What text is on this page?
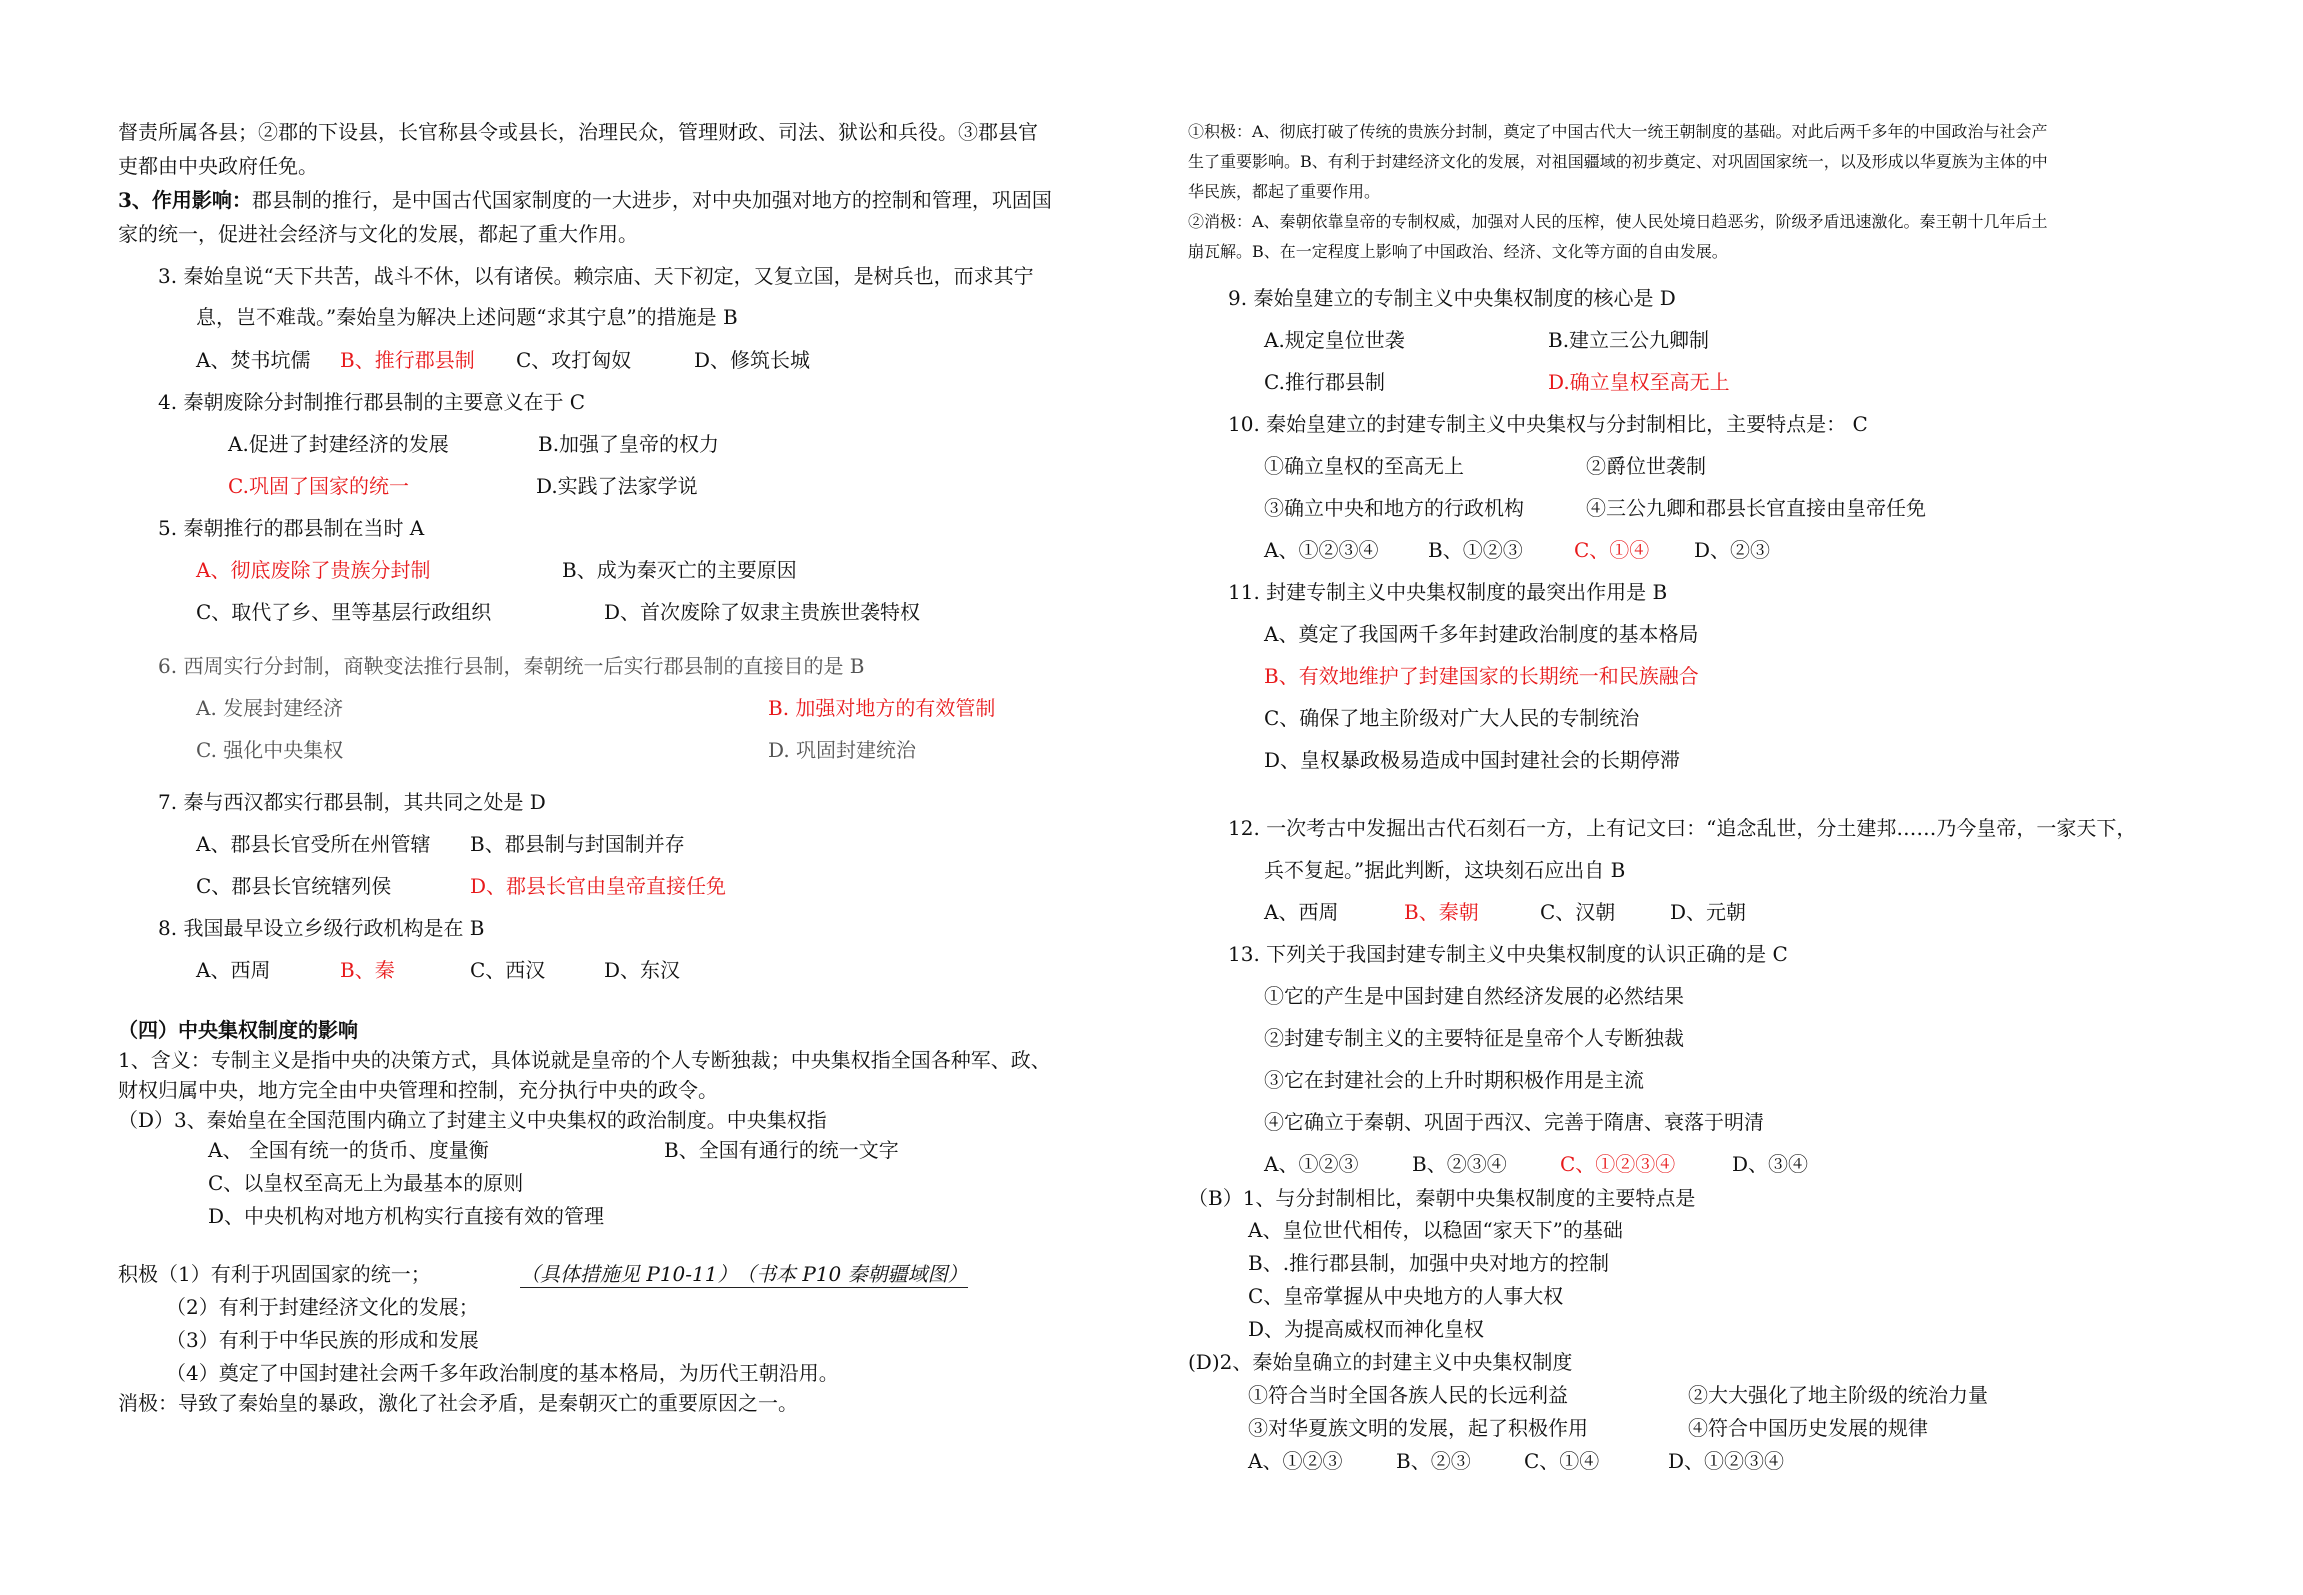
督责所属各县；②郡的下设县，长官称县令或县长，治理民众，管理财政、司法、狱讼和兵役。③郡县官
吏都由中央政府任免。
3、作用影响：郡县制的推行，是中国古代国家制度的一大进步，对中央加强对地方的控制和管理，巩固国
家的统一，促进社会经济与文化的发展，都起了重大作用。
3. 秦始皇说“天下共苦，战斗不休，以有诸侯。赖宗庙、天下初定，又复立国，是树兵也，而求其宁
息，岂不难哉。”秦始皇为解决上述问题“求其宁息”的措施是 B
A、焚书坑儒 B、推行郡县制 C、攻打匈奴	D、修筑长城
4. 秦朝废除分封制推行郡县制的主要意义在于 C
A.促进了封建经济的发展	B.加强了皇帝的权力
C.巩固了国家的统一	D.实践了法家学说
5. 秦朝推行的郡县制在当时 A
A、彻底废除了贵族分封制	B、成为秦灭亡的主要原因
C、取代了乡、里等基层行政组织	D、首次废除了奴隶主贵族世袭特权
6. 西周实行分封制，商鞅变法推行县制，秦朝统一后实行郡县制的直接目的是 B
A. 发展封建经济	B. 加强对地方的有效管制
C. 强化中央集权	D. 巩固封建统治
7. 秦与西汉都实行郡县制，其共同之处是 D
A、郡县长官受所在州管辖 B、郡县制与封国制并存
C、郡县长官统辖列侯	D、郡县长官由皇帝直接任免
8. 我国最早设立乡级行政机构是在 B
A、西周	B、秦	C、西汉	D、东汉
（四）中央集权制度的影响
1、含义：专制主义是指中央的决策方式，具体说就是皇帝的个人专断独裁；中央集权指全国各种军、政、
财权归属中央，地方完全由中央管理和控制，充分执行中央的政令。
（D）3、秦始皇在全国范围内确立了封建主义中央集权的政治制度。中央集权指
A、 全国有统一的货币、度量衡	B、全国有通行的统一文字
C、以皇权至高无上为最基本的原则
D、中央机构对地方机构实行直接有效的管理
积极（1）有利于巩固国家的统一；	（具体措施见 P10-11）
（书本 P10 秦朝疆域图）
（2）有利于封建经济文化的发展；
（3）有利于中华民族的形成和发展
（4）奠定了中国封建社会两千多年政治制度的基本格局，为历代王朝沿用。
消极：导致了秦始皇的暴政，激化了社会矛盾，是秦朝灭亡的重要原因之一。
①积极：A、彻底打破了传统的贵族分封制，奠定了中国古代大一统王朝制度的基础。对此后两千多年的中国政治与社会产
生了重要影响。B、有利于封建经济文化的发展，对祖国疆域的初步奠定、对巩固国家统一，以及形成以华夏族为主体的中
华民族，都起了重要作用。
②消极：A、秦朝依靠皇帝的专制权威，加强对人民的压榨，使人民处境日趋恶劣，阶级矛盾迅速激化。秦王朝十几年后土
崩瓦解。B、在一定程度上影响了中国政治、经济、文化等方面的自由发展。
9. 秦始皇建立的专制主义中央集权制度的核心是 D
A.规定皇位世袭	B.建立三公九卿制
C.推行郡县制	D.确立皇权至高无上
10. 秦始皇建立的封建专制主义中央集权与分封制相比，主要特点是： C
①确立皇权的至高无上	②爵位世袭制
③确立中央和地方的行政机构	④三公九卿和郡县长官直接由皇帝任免
A、①②③④ B、①②③	C、①④ D、②③
11. 封建专制主义中央集权制度的最突出作用是 B
A、奠定了我国两千多年封建政治制度的基本格局
B、有效地维护了封建国家的长期统一和民族融合
C、确保了地主阶级对广大人民的专制统治
D、皇权暴政极易造成中国封建社会的长期停滞
12. 一次考古中发掘出古代石刻石一方，上有记文曰：“追念乱世，分土建邦……乃今皇帝，一家天下，
兵不复起。”据此判断，这块刻石应出自 B
A、西周	B、秦朝	C、汉朝	D、元朝
13. 下列关于我国封建专制主义中央集权制度的认识正确的是 C
①它的产生是中国封建自然经济发展的必然结果
②封建专制主义的主要特征是皇帝个人专断独裁
③它在封建社会的上升时期积极作用是主流
④它确立于秦朝、巩固于西汉、完善于隋唐、衰落于明清
A、①②③	B、②③④	C、①②③④	D、③④
（B）1、与分封制相比，秦朝中央集权制度的主要特点是
A、皇位世代相传，以稳固“家天下”的基础
B、.推行郡县制，加强中央对地方的控制
C、皇帝掌握从中央地方的人事大权
D、为提高威权而神化皇权
(D)2、秦始皇确立的封建主义中央集权制度
①符合当时全国各族人民的长远利益	②大大强化了地主阶级的统治力量
③对华夏族文明的发展，起了积极作用	④符合中国历史发展的规律
A、①②③	B、②③	C、①④	D、①②③④
